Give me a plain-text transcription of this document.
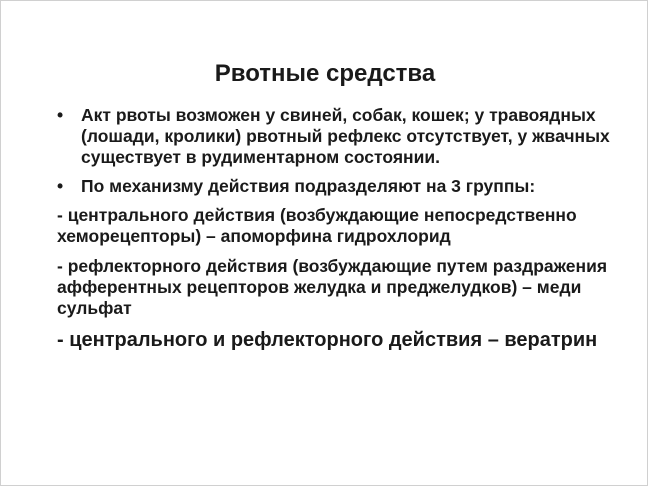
Рвотные средства
• Акт рвоты возможен у свиней, собак, кошек; у травоядных (лошади, кролики) рвотный рефлекс отсутствует, у жвачных существует в рудиментарном состоянии.
• По механизму действия подразделяют на 3 группы:
- центрального действия (возбуждающие непосредственно хеморецепторы) – апоморфина гидрохлорид
- рефлекторного действия (возбуждающие путем раздражения афферентных рецепторов желудка и преджелудков) – меди сульфат
- центрального и рефлекторного действия – вератрин
